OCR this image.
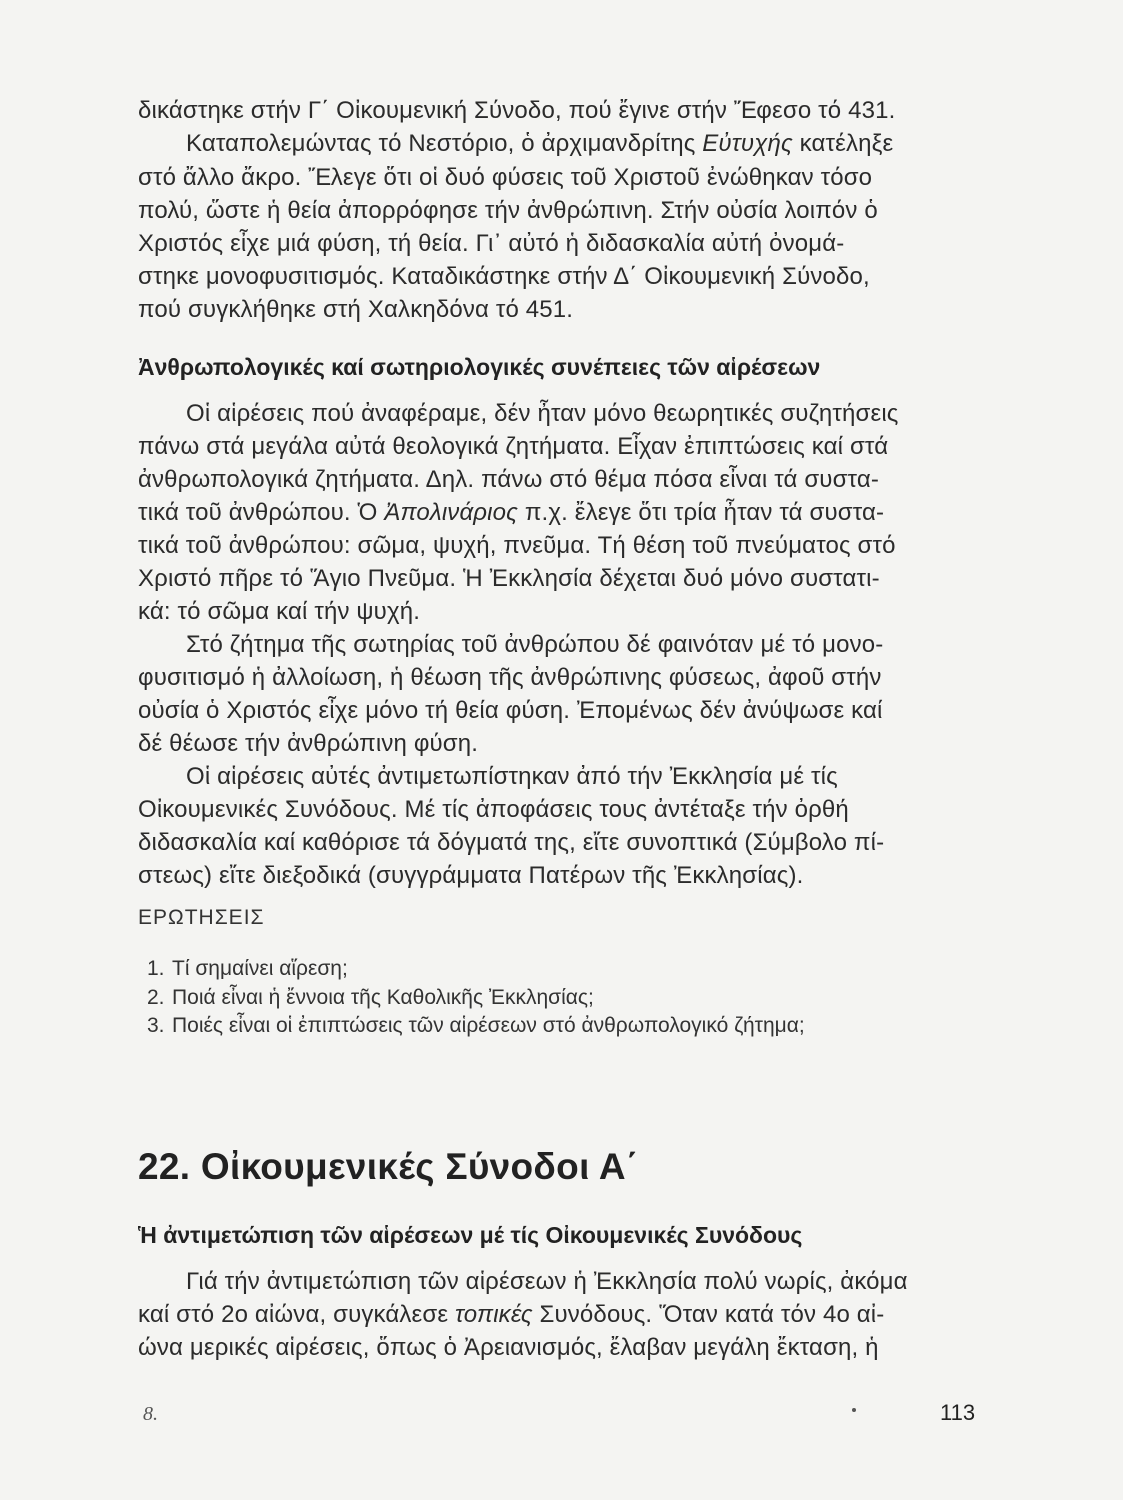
δικάστηκε στήν Γ΄ Οἰκουμενική Σύνοδο, πού ἔγινε στήν Ἔφεσο τό 431.
Καταπολεμώντας τό Νεστόριο, ὁ ἀρχιμανδρίτης Εὐτυχής κατέληξε
στό ἄλλο ἄκρο. Ἔλεγε ὅτι οἱ δυό φύσεις τοῦ Χριστοῦ ἐνώθηκαν τόσο
πολύ, ὥστε ἡ θεία ἀπορρόφησε τήν ἀνθρώπινη. Στήν οὐσία λοιπόν ὁ
Χριστός εἶχε μιά φύση, τή θεία. Γι᾿ αὐτό ἡ διδασκαλία αὐτή ὀνομά-
στηκε μονοφυσιτισμός. Καταδικάστηκε στήν Δ΄ Οἰκουμενική Σύνοδο,
πού συγκλήθηκε στή Χαλκηδόνα τό 451.
Ἀνθρωπολογικές καί σωτηριολογικές συνέπειες τῶν αἱρέσεων
Οἱ αἱρέσεις πού ἀναφέραμε, δέν ἦταν μόνο θεωρητικές συζητήσεις
πάνω στά μεγάλα αὐτά θεολογικά ζητήματα. Εἶχαν ἐπιπτώσεις καί στά
ἀνθρωπολογικά ζητήματα. Δηλ. πάνω στό θέμα πόσα εἶναι τά συστα-
τικά τοῦ ἀνθρώπου. Ὁ Ἀπολινάριος π.χ. ἔλεγε ὅτι τρία ἦταν τά συστα-
τικά τοῦ ἀνθρώπου: σῶμα, ψυχή, πνεῦμα. Τή θέση τοῦ πνεύματος στό
Χριστό πῆρε τό Ἅγιο Πνεῦμα. Ἡ Ἐκκλησία δέχεται δυό μόνο συστατι-
κά: τό σῶμα καί τήν ψυχή.
Στό ζήτημα τῆς σωτηρίας τοῦ ἀνθρώπου δέ φαινόταν μέ τό μονο-
φυσιτισμό ἡ ἀλλοίωση, ἡ θέωση τῆς ἀνθρώπινης φύσεως, ἀφοῦ στήν
οὐσία ὁ Χριστός εἶχε μόνο τή θεία φύση. Ἐπομένως δέν ἀνύψωσε καί
δέ θέωσε τήν ἀνθρώπινη φύση.
Οἱ αἱρέσεις αὐτές ἀντιμετωπίστηκαν ἀπό τήν Ἐκκλησία μέ τίς
Οἰκουμενικές Συνόδους. Μέ τίς ἀποφάσεις τους ἀντέταξε τήν ὀρθή
διδασκαλία καί καθόρισε τά δόγματά της, εἴτε συνοπτικά (Σύμβολο πί-
στεως) εἴτε διεξοδικά (συγγράμματα Πατέρων τῆς Ἐκκλησίας).
ΕΡΩΤΗΣΕΙΣ
1. Τί σημαίνει αἵρεση;
2. Ποιά εἶναι ἡ ἔννοια τῆς Καθολικῆς Ἐκκλησίας;
3. Ποιές εἶναι οἱ ἐπιπτώσεις τῶν αἱρέσεων στό ἀνθρωπολογικό ζήτημα;
22. Οἰκουμενικές Σύνοδοι Α΄
Ἡ ἀντιμετώπιση τῶν αἱρέσεων μέ τίς Οἰκουμενικές Συνόδους
Γιά τήν ἀντιμετώπιση τῶν αἱρέσεων ἡ Ἐκκλησία πολύ νωρίς, ἀκόμα
καί στό 2ο αἰώνα, συγκάλεσε τοπικές Συνόδους. Ὅταν κατά τόν 4ο αἰ-
ώνα μερικές αἱρέσεις, ὅπως ὁ Ἀρειανισμός, ἔλαβαν μεγάλη ἔκταση, ἡ
8.	113
